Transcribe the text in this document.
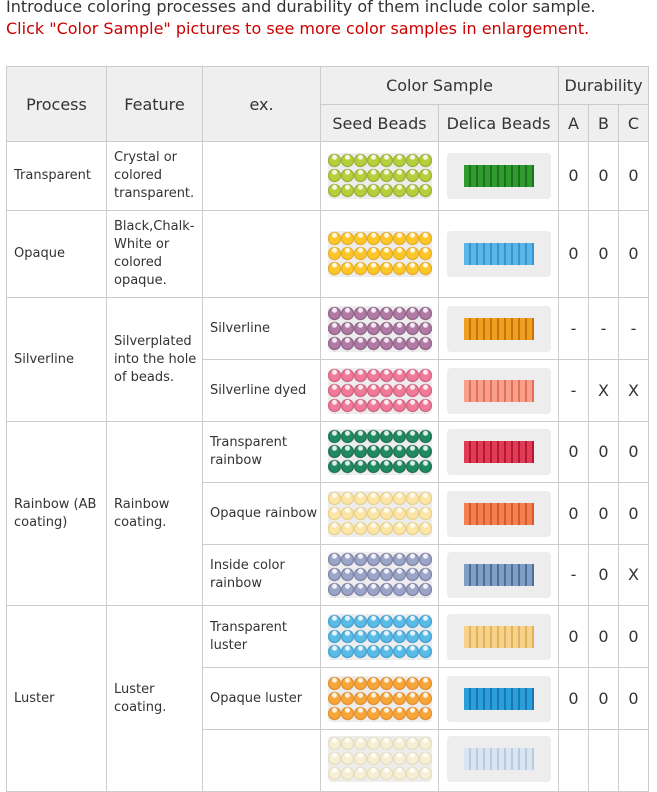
Introduce coloring processes and durability of them include color sample.
Click "Color Sample" pictures to see more color samples in enlargement.
Process	Feature	ex.	Color Sample		Durability		
			Seed Beads	Delica Beads	A	B	C
Transparent	Crystal or colored transparent.				0	0	0
Opaque	Black,Chalk-White or colored opaque.				0	0	0
Silverline	Silverplated into the hole of beads.	Silverline			-	-	-
		Silverline dyed			-	X	X
Rainbow (AB coating)	Rainbow coating.	Transparent rainbow			0	0	0
		Opaque rainbow			0	0	0
		Inside color rainbow			-	0	X
Luster	Luster coating.	Transparent luster			0	0	0
		Opaque luster			0	0	0
